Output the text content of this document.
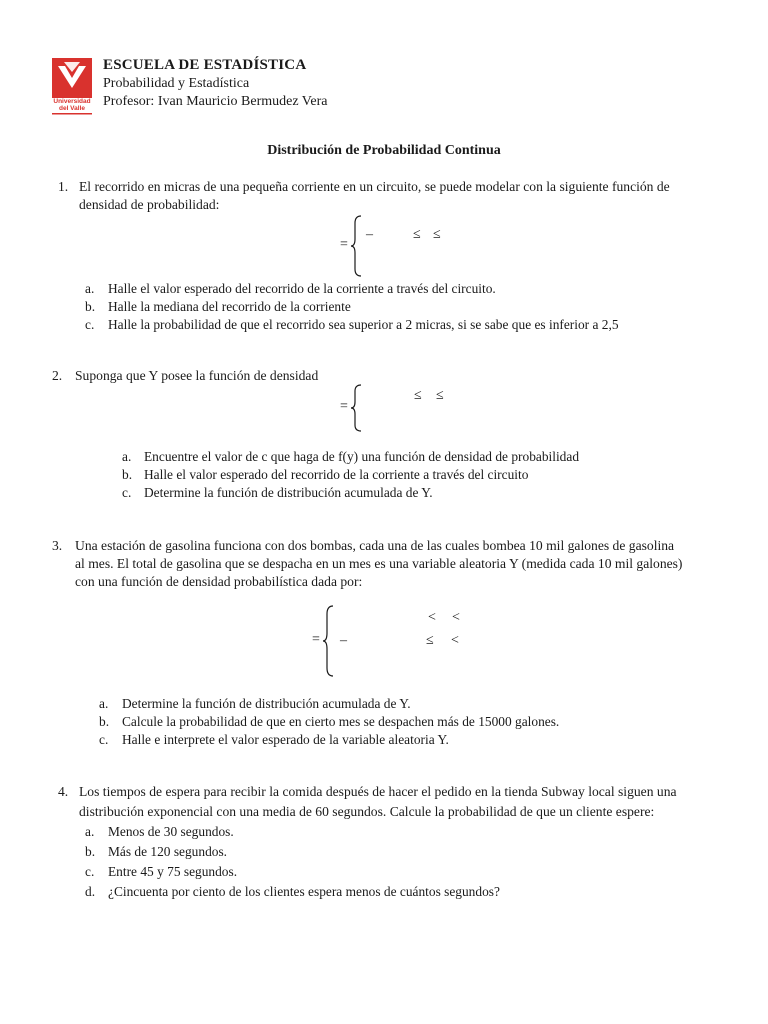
Universidad
del Valle
ESCUELA DE ESTADÍSTICA
Probabilidad y Estadística
Profesor: Ivan Mauricio Bermudez Vera
Distribución de Probabilidad Continua
1. El recorrido en micras de una pequeña corriente en un circuito, se puede modelar con la siguiente función de
densidad de probabilidad:
=
–	≤ ≤
a. Halle el valor esperado del recorrido de la corriente a través del circuito.
b. Halle la mediana del recorrido de la corriente
c. Halle la probabilidad de que el recorrido sea superior a 2 micras, si se sabe que es inferior a 2,5
2. Suponga que Y posee la función de densidad
=
≤ ≤
a. Encuentre el valor de c que haga de f(y) una función de densidad de probabilidad
b. Halle el valor esperado del recorrido de la corriente a través del circuito
c. Determine la función de distribución acumulada de Y.
3. Una estación de gasolina funciona con dos bombas, cada una de las cuales bombea 10 mil galones de gasolina
al mes. El total de gasolina que se despacha en un mes es una variable aleatoria Y (medida cada 10 mil galones)
con una función de densidad probabilística dada por:
=
< <
–	≤ <
a. Determine la función de distribución acumulada de Y.
b. Calcule la probabilidad de que en cierto mes se despachen más de 15000 galones.
c. Halle e interprete el valor esperado de la variable aleatoria Y.
4. Los tiempos de espera para recibir la comida después de hacer el pedido en la tienda Subway local siguen una
distribución exponencial con una media de 60 segundos. Calcule la probabilidad de que un cliente espere:
a. Menos de 30 segundos.
b. Más de 120 segundos.
c. Entre 45 y 75 segundos.
d. ¿Cincuenta por ciento de los clientes espera menos de cuántos segundos?
